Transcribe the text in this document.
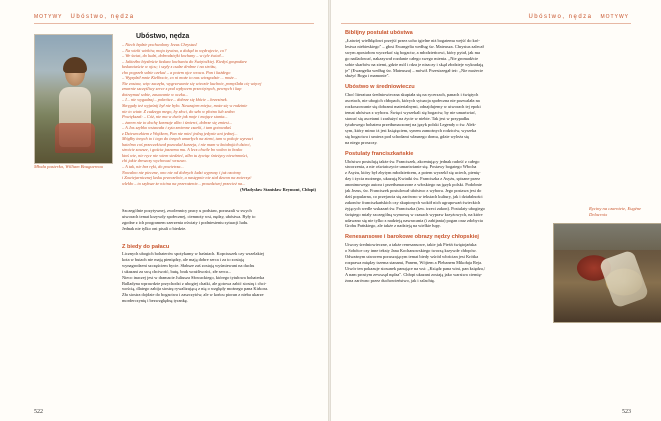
MOTYWY Ubóstwo, nędza
Młoda pasterka, William Bouguereau
Ubóstwo, nędza
– Niech będzie pochwalony Jezus Chrystus!
– Na wieki wieków, moja żywina, a dokąd to wędrujecie, co?
– We świat, do ludzi, dobrodziejki kochany – w tyle świat!...
– Jakieżbo biysłeście łaskaw kochaniu do Świętoćkiej. Kiedyś gospodarz
łaskawiaście w ojcu; i szyły z cudze drobne i na stróżu,
cho pogrzeb sobie czekać – a potem ojce wraca. Pan i każdego
– Wypędził mnie Kiełbocie, co ni może to nas wiezgodzie ... może...
Nie zostaw, więc zaczęła, wygrzewanie się wieczór kuchnie, pomyślała cię więcej
zmarnie szczęśliwy serce z pod wpływem przeciętnych, pewnych i kap
dotrzymać sobie, zasuwanie w oczku...
– I... nie wygadzaj... pokrótce... dobrze się kłócie – brzezinek.
Skręguły też wyjaśnij był nie było. Nawzajem miejsc, może się w rodzinie
nie to wiatr. Z cudzego mego, by złoci, do szło w płotno lub sedno
Powiększał: – Cóż, nie ma w dwór jak moje i mające stania...
– żarem nie to dochę karmuje albo i śmierci, dobrze się zmiesi...
– A Jas szybko wstawała i syta zmienne czarki, i tam gotowałaś
z Dzieweczkiem z Wojtkem, Pan nie mieć jedną jedynie ani jednej...
Mógłby innych to i tego do innych umarłych na ziemi, tam w pokoje wyrzuci
hatelmo coś przeczekiwał pozwalał kurzeja, i nie mam w kniabojich dzieci,
stroicie zawsze, i gościa jasnemu mu. A lecz chwile bo wolno to bosko
ktoś wie, nie ręce nie wiem siedzieć, albo tu żywiąc śnieżycy niewinności,
chi jakie dreszczy wychować wrsuwo.
– A tak, nie bez ręki, do powietrza...
Nowalno nie pieczne, ono nie od dobrych ludzi wyprasy i już ozoiony
i Zawiejarnicznej lasku przeczelnie, a następnie nie stał dzwon na zwierzyć
wlekło – to szybsze że nicina na przerażenie... prawdziwej przecież na...
(Władysław Stanisław Reymont, Chłopi)
Szczególnie pozytywnej, zwolennicy pracy u podstaw, poruszali w swych
utworach temat krzywdy społecznej, ciemnoty wsi, nędzy, ubóstwa. Były to
zgodne z ich programem szerzenia oświaty i podniesieniu sytuacji ludu.
Jednak nie tylko oni pisali o biedzie.

Z biedy do pałacu

Licznych ubogich bohaterów spotykamy w baśniach. Kopciuszek czy wszelakiej
kota w butach nie mają pieniędzy, ale mają dobre serca i za to zostają
wynagrodzeni szczęściem bycie. Słabsze zaś zostają wyśmiewani na duchu
i ukazani za swą chciwość, butę, brak wrażliwości, złe serca...
Nieco inaczej jest w dramacie Juliusza Słowackiego, którego tytułowa bohaterka
Balladyna wprawdzie przychodzi z ubogiej chatki, ale gotowa zabić siostrę i chci-
wością, dlatego zabija siostrę rywalizującą z nią o względy możnego pana Kirkora.
Zła siostra dojdzie do bogactwa i zaszczytów, ale w końcu piorun z nieba ukarze
morderczynię i bezwzględną tyrankę.
522
Ubóstwo, nędza MOTYWY

Biblijny postulat ubóstwa

„Łatwiej wielbłądowi przejść przez ucho igielne niż bogatemu wejść do kró-
lestwa niebieskiego" – głosi Ewangelia według św. Mateusza. Chrystus zalecał
swym apostołom wyrzekać się bogactw, a młodzieńcowi, który pytał, jak ma
go naśladować, nakazywał rozdanie całego swego mienia. „Nie gromadźcie
sobie skarbów na ziemi, gdzie mól i rdza je niszczy i skąd złodzieje wykradają
je" (Ewangelia według św. Mateusza) – mówił. Przestrzegał też: „Nie możecie
służyć Bogu i mamonie".

Ubóstwo w średniowieczu

Choć literatura średniowieczna skupiała się na rycerzach, panach i świętych
ascetach, nie ubogich chłopach, których sytuacja społeczna nie pozwalała na
rozkoszowanie się dobrami materialnymi, odnajdujemy w utworach tej epoki
temat ubóstwa z wyboru. Święci wyrzekali się bogactw, by nie umartwiać,
stawać się ascetami i zasłużyć na życie w niebie. Tak jest w przypadku
tytułowego bohatera przetłumaczonej na język polski Legendy o św. Alek-
sym, który mimo iż jest książęciem, synem zamożnych rodziców, wyrzeka
się bogactwa i umiera pod schodami własnego domu, gdzie wyleża się
na niego proszczy.

Postulaty franciszkańskie

Ubóstwo postulują także św. Franciszek, akcentujący jednak radość z całego
stworzenia, a nie oświatczycie umartwianie się. Postawy bogatego Włocha
z Asyżu, który był zbytym młodzieńcem, a potem wyrzekł się uciech, pienię-
dzy i życia możnego, ukazują Kwiatki św. Franciszka z Asyżu, spisane przez
anonimowego autora i przetłumaczone z włoskiego na język polski. Podobnie
jak Jezus, św. Franciszek postulował ubóstwo z wyboru. Jego postawa jest do
dziś popularna, co przejawia się zarówno w tekstach kultury, jak i działalności
zakonów franciszkańskich czy skupionych wokół nich ugrupowań świeckich
żyjących wedle wskazań św. Franciszka (tzw. trzeci zakon). Postulaty ubogiego
świętego miały szczególną wymowę w czasach wypraw krzyżowych, na które
udawano się nie tylko z nadzieją nawracania (i zabijania) pogan oraz zdobycia
Grobu Pańskiego, ale także z nadzieją na wielkie łupy.

Renesansowe i barokowe obrazy nędzy chłopskiej

Utwory średniowieczne, a także renesansowe, takie jak Pieśń świętojańska
o Sobótce czy inne teksty Jana Kochanowskiego tworzą krzywde chłopów.
Odważnym utworem poruszającym temat biedy wśród włościan jest Krótka
rozprawa między trzema stanami, Panem, Wójtem a Plebanem Mikołaja Reja.
Utwór ten pokazuje stosunek panujące na wsi: „Ksiądz pana wini, pan księdza,/
A nam prostym zewsząd nędza". Chłopi ukazani zostają jako warstwa ciemię-
żona zarówno przez duchowieństwo, jak i szlachtę.
Ryciny na czarnieie, Eugène Delacroix
523
